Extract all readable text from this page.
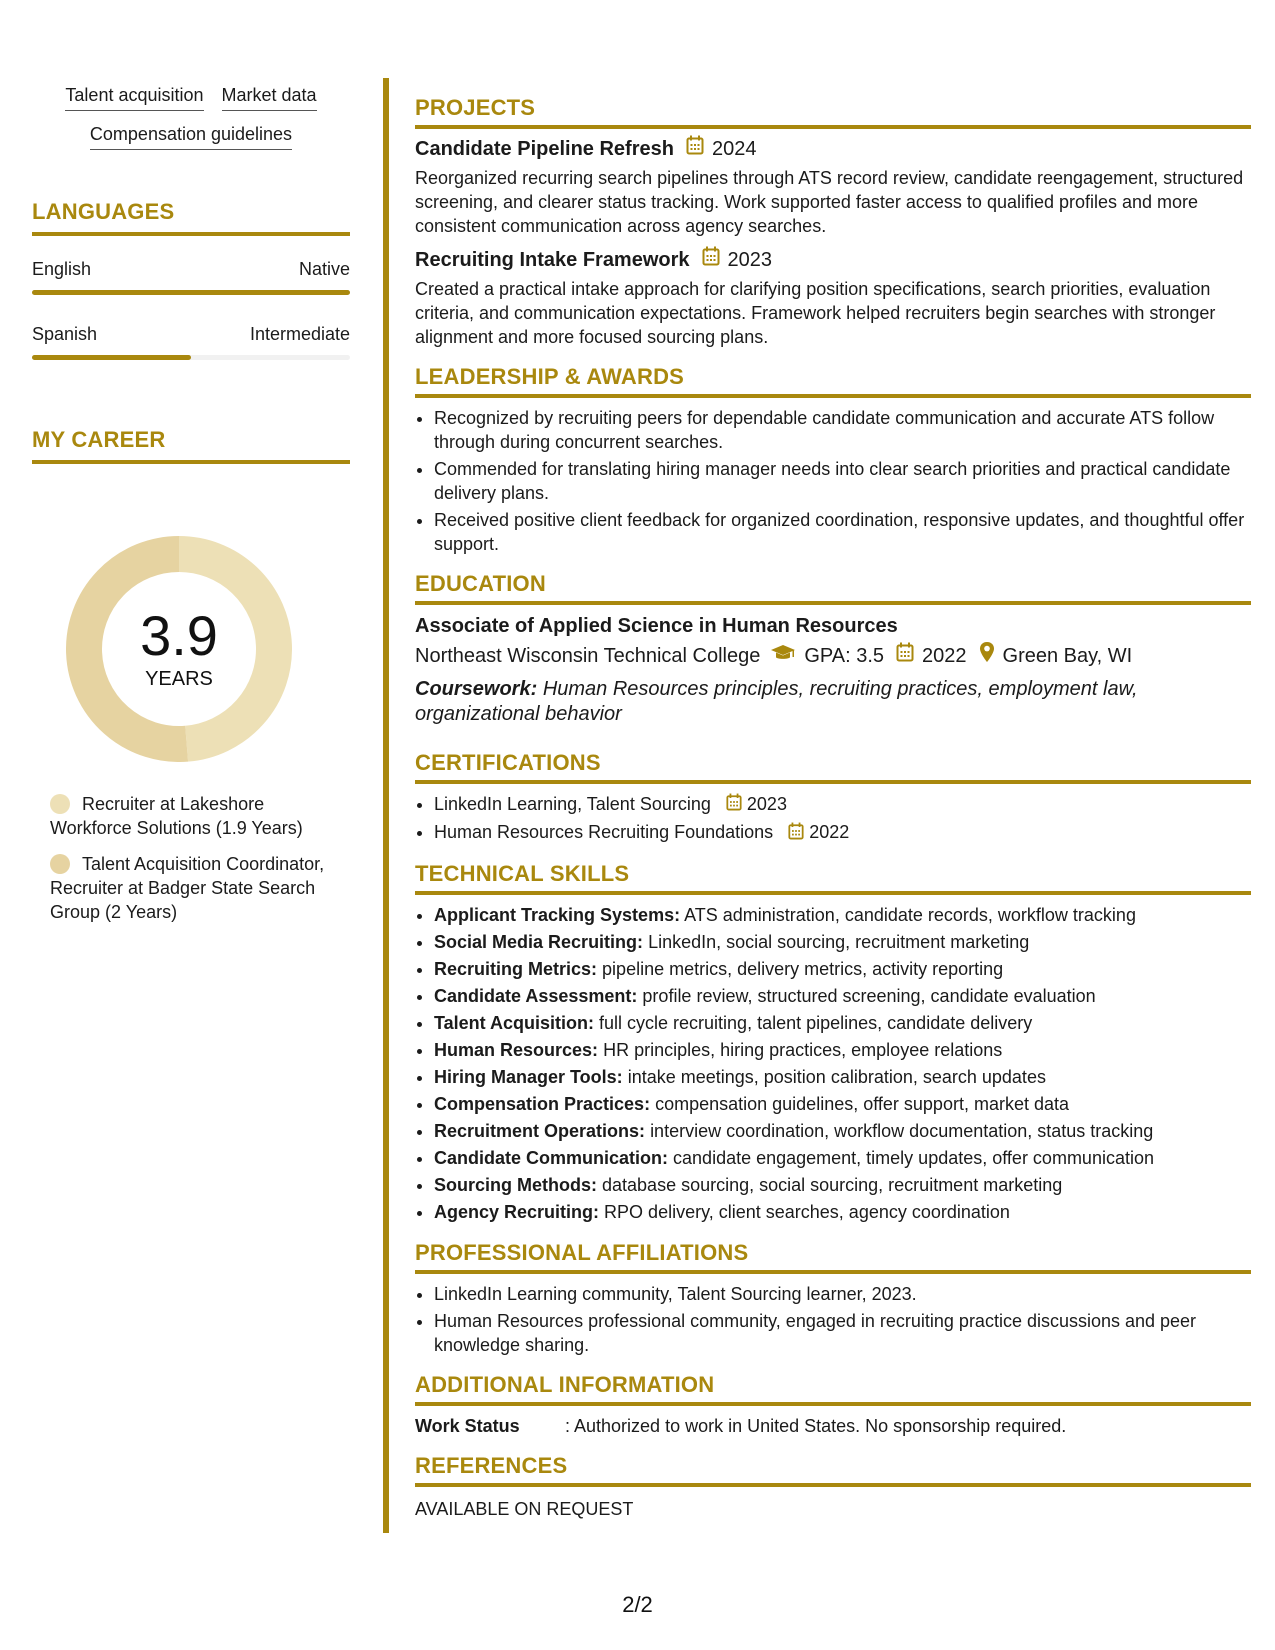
Talent acquisition Market data
Compensation guidelines
LANGUAGES
English	Native
Spanish	Intermediate
MY CAREER
3.9
YEARS
Recruiter at Lakeshore Workforce Solutions (1.9 Years)
Talent Acquisition Coordinator, Recruiter at Badger State Search Group (2 Years)
PROJECTS
Candidate Pipeline Refresh 2024
Reorganized recurring search pipelines through ATS record review, candidate reengagement, structured screening, and clearer status tracking. Work supported faster access to qualified profiles and more consistent communication across agency searches.
Recruiting Intake Framework 2023
Created a practical intake approach for clarifying position specifications, search priorities, evaluation criteria, and communication expectations. Framework helped recruiters begin searches with stronger alignment and more focused sourcing plans.
LEADERSHIP & AWARDS
• Recognized by recruiting peers for dependable candidate communication and accurate ATS follow through during concurrent searches.
• Commended for translating hiring manager needs into clear search priorities and practical candidate delivery plans.
• Received positive client feedback for organized coordination, responsive updates, and thoughtful offer support.
EDUCATION
Associate of Applied Science in Human Resources
Northeast Wisconsin Technical College GPA: 3.5 2022 Green Bay, WI
Coursework: Human Resources principles, recruiting practices, employment law, organizational behavior
CERTIFICATIONS
• LinkedIn Learning, Talent Sourcing 2023
• Human Resources Recruiting Foundations 2022
TECHNICAL SKILLS
• Applicant Tracking Systems: ATS administration, candidate records, workflow tracking
• Social Media Recruiting: LinkedIn, social sourcing, recruitment marketing
• Recruiting Metrics: pipeline metrics, delivery metrics, activity reporting
• Candidate Assessment: profile review, structured screening, candidate evaluation
• Talent Acquisition: full cycle recruiting, talent pipelines, candidate delivery
• Human Resources: HR principles, hiring practices, employee relations
• Hiring Manager Tools: intake meetings, position calibration, search updates
• Compensation Practices: compensation guidelines, offer support, market data
• Recruitment Operations: interview coordination, workflow documentation, status tracking
• Candidate Communication: candidate engagement, timely updates, offer communication
• Sourcing Methods: database sourcing, social sourcing, recruitment marketing
• Agency Recruiting: RPO delivery, client searches, agency coordination
PROFESSIONAL AFFILIATIONS
• LinkedIn Learning community, Talent Sourcing learner, 2023.
• Human Resources professional community, engaged in recruiting practice discussions and peer knowledge sharing.
ADDITIONAL INFORMATION
Work Status	: Authorized to work in United States. No sponsorship required.
REFERENCES
AVAILABLE ON REQUEST
2/2
